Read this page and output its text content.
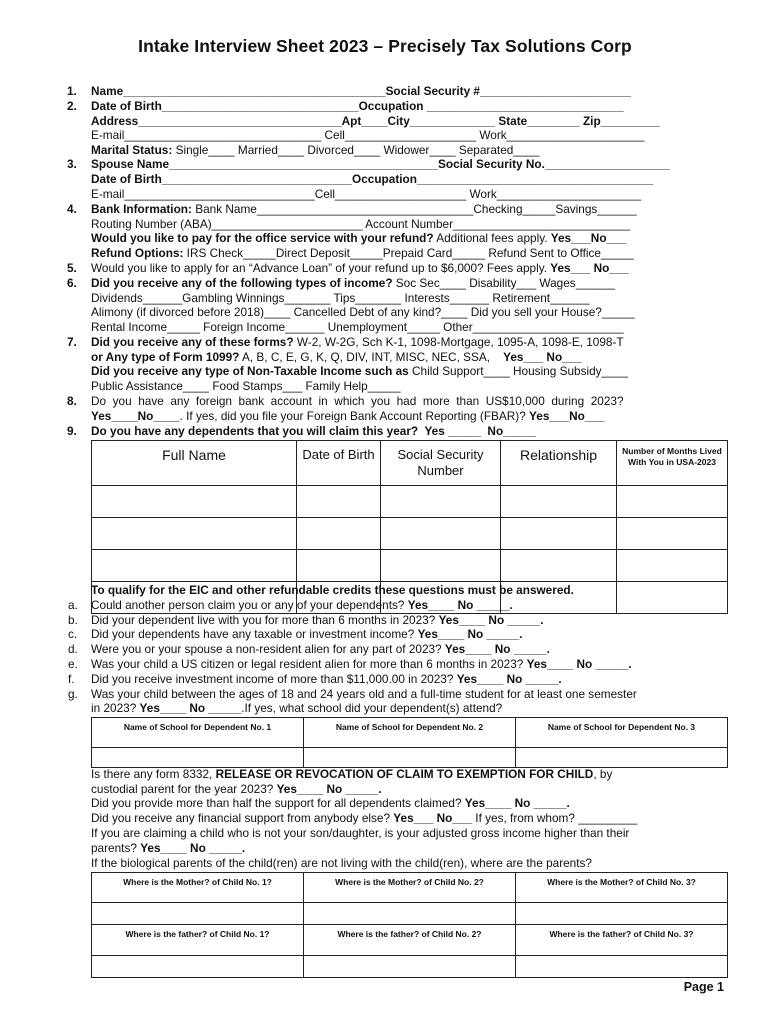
Intake Interview Sheet 2023 – Precisely Tax Solutions Corp
1. Name________________________________________Social Security #_______________________
2. Date of Birth______________________________Occupation ______________________________
Address_______________________________Apt____City_____________ State________ Zip_________
E-mail______________________________ Cell____________________ Work_____________________
Marital Status: Single____ Married____ Divorced____ Widower____ Separated____
3. Spouse Name_________________________________________Social Security No.___________________
Date of Birth_____________________________Occupation____________________________________
E-mail_____________________________Cell____________________ Work______________________
4. Bank Information: Bank Name_________________________________Checking_____Savings______
Routing Number (ABA)_______________________ Account Number___________________________
Would you like to pay for the office service with your refund? Additional fees apply. Yes___No___
Refund Options: IRS Check_____Direct Deposit_____Prepaid Card_____ Refund Sent to Office_____
5. Would you like to apply for an “Advance Loan” of your refund up to $6,000? Fees apply. Yes___ No___
6. Did you receive any of the following types of income? Soc Sec____ Disability___ Wages______
Dividends______Gambling Winnings_______ Tips_______ Interests______ Retirement______
Alimony (if divorced before 2018)____ Cancelled Debt of any kind?____ Did you sell your House?_____
Rental Income_____ Foreign Income______ Unemployment_____ Other_______________________
7. Did you receive any of these forms? W-2, W-2G, Sch K-1, 1098-Mortgage, 1095-A, 1098-E, 1098-T
or Any type of Form 1099? A, B, C, E, G, K, Q, DIV, INT, MISC, NEC, SSA,    Yes___ No___
Did you receive any type of Non-Taxable Income such as Child Support____ Housing Subsidy____
Public Assistance____ Food Stamps___ Family Help_____
8. Do  you  have  any  foreign  bank  account  in  which  you  had  more  than  US$10,000  during  2023?
Yes____No____. If yes, did you file your Foreign Bank Account Reporting (FBAR)? Yes___No___
9. Do you have any dependents that you will claim this year?  Yes _____  No_____
Full Name	Date of Birth	Social Security Number	Relationship	Number of Months Lived With You in USA-2023

To qualify for the EIC and other refundable credits these questions must be answered.
a. Could another person claim you or any of your dependents? Yes____ No _____.
b. Did your dependent live with you for more than 6 months in 2023? Yes____ No _____.
c. Did your dependents have any taxable or investment income? Yes____ No _____.
d. Were you or your spouse a non-resident alien for any part of 2023? Yes____ No _____.
e. Was your child a US citizen or legal resident alien for more than 6 months in 2023? Yes____ No _____.
f. Did you receive investment income of more than $11,000.00 in 2023? Yes____ No _____.
g. Was your child between the ages of 18 and 24 years old and a full-time student for at least one semester
in 2023? Yes____ No _____.If yes, what school did your dependent(s) attend?
Name of School for Dependent No. 1	Name of School for Dependent No. 2	Name of School for Dependent No. 3

Is there any form 8332, RELEASE OR REVOCATION OF CLAIM TO EXEMPTION FOR CHILD, by
custodial parent for the year 2023? Yes____ No _____.
Did you provide more than half the support for all dependents claimed? Yes____ No _____.
Did you receive any financial support from anybody else? Yes___ No___ If yes, from whom? _________
If you are claiming a child who is not your son/daughter, is your adjusted gross income higher than their
parents? Yes____ No _____.
If the biological parents of the child(ren) are not living with the child(ren), where are the parents?
Where is the Mother? of Child No. 1?	Where is the Mother? of Child No. 2?	Where is the Mother? of Child No. 3?

Where is the father? of Child No. 1?	Where is the father? of Child No. 2?	Where is the father? of Child No. 3?

Page 1
